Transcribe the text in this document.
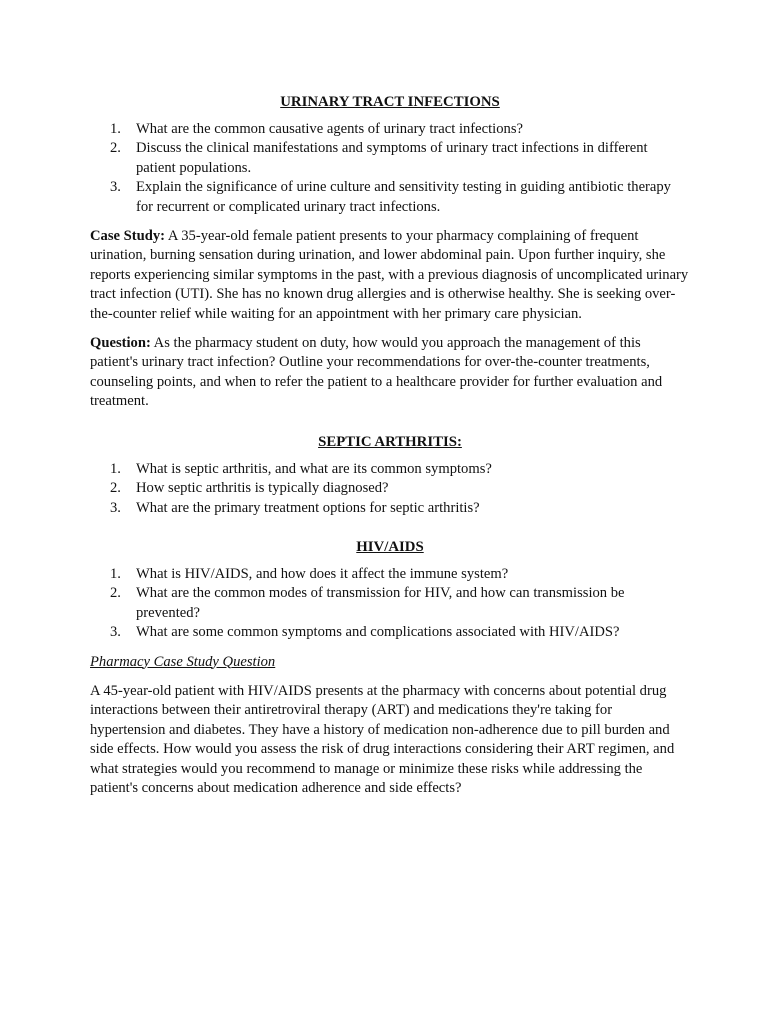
URINARY TRACT INFECTIONS
1. What are the common causative agents of urinary tract infections?
2. Discuss the clinical manifestations and symptoms of urinary tract infections in different patient populations.
3. Explain the significance of urine culture and sensitivity testing in guiding antibiotic therapy for recurrent or complicated urinary tract infections.

Case Study: A 35-year-old female patient presents to your pharmacy complaining of frequent urination, burning sensation during urination, and lower abdominal pain. Upon further inquiry, she reports experiencing similar symptoms in the past, with a previous diagnosis of uncomplicated urinary tract infection (UTI). She has no known drug allergies and is otherwise healthy. She is seeking over-the-counter relief while waiting for an appointment with her primary care physician.

Question: As the pharmacy student on duty, how would you approach the management of this patient's urinary tract infection? Outline your recommendations for over-the-counter treatments, counseling points, and when to refer the patient to a healthcare provider for further evaluation and treatment.

SEPTIC ARTHRITIS:
1. What is septic arthritis, and what are its common symptoms?
2. How septic arthritis is typically diagnosed?
3. What are the primary treatment options for septic arthritis?
HIV/AIDS
1. What is HIV/AIDS, and how does it affect the immune system?
2. What are the common modes of transmission for HIV, and how can transmission be prevented?
3. What are some common symptoms and complications associated with HIV/AIDS?

Pharmacy Case Study Question

A 45-year-old patient with HIV/AIDS presents at the pharmacy with concerns about potential drug interactions between their antiretroviral therapy (ART) and medications they're taking for hypertension and diabetes. They have a history of medication non-adherence due to pill burden and side effects. How would you assess the risk of drug interactions considering their ART regimen, and what strategies would you recommend to manage or minimize these risks while addressing the patient's concerns about medication adherence and side effects?
